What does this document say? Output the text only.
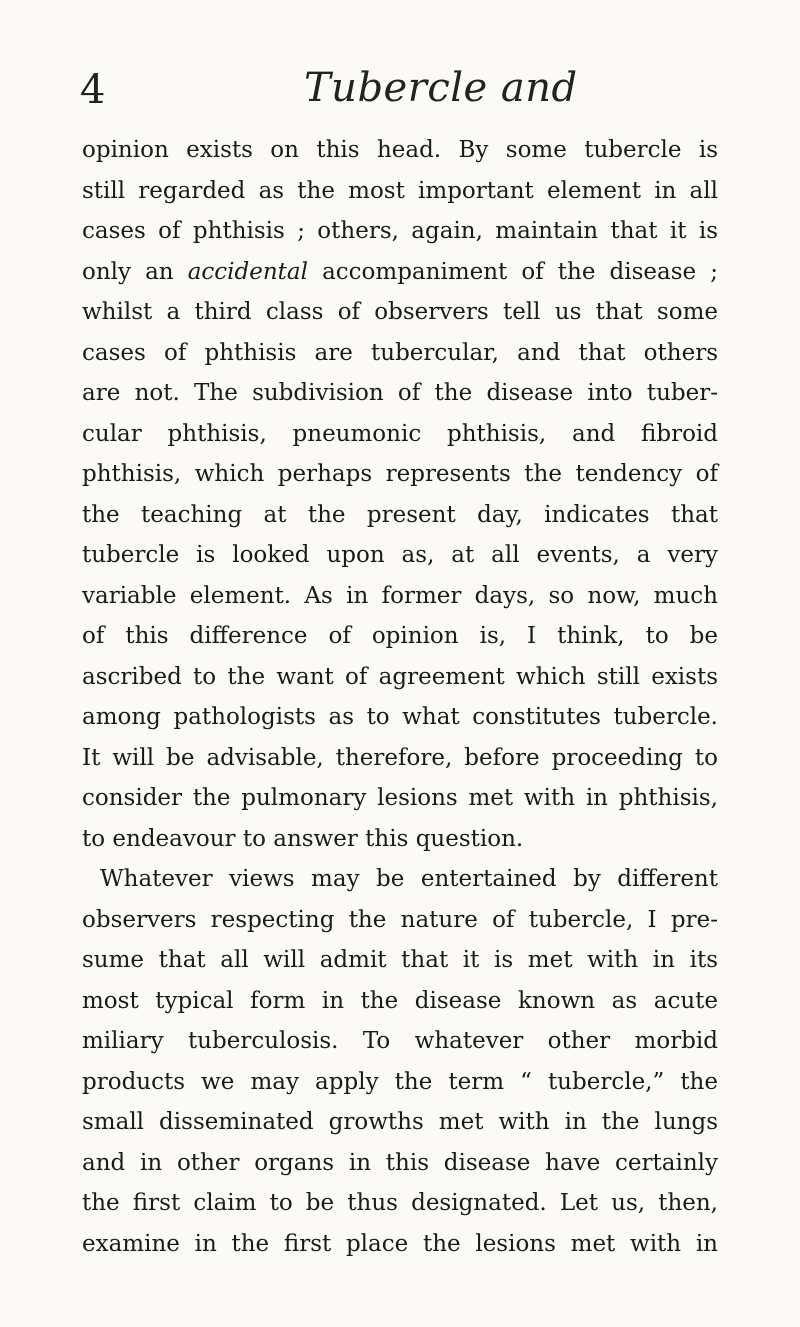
4	Tubercle and
opinion exists on this head. By some tubercle is
still regarded as the most important element in all
cases of phthisis ; others, again, maintain that it is
only an accidental accompaniment of the disease ;
whilst a third class of observers tell us that some
cases of phthisis are tubercular, and that others
are not. The subdivision of the disease into tuber-
cular phthisis, pneumonic phthisis, and fibroid
phthisis, which perhaps represents the tendency of
the teaching at the present day, indicates that
tubercle is looked upon as, at all events, a very
variable element. As in former days, so now, much
of this difference of opinion is, I think, to be
ascribed to the want of agreement which still exists
among pathologists as to what constitutes tubercle.
It will be advisable, therefore, before proceeding to
consider the pulmonary lesions met with in phthisis,
to endeavour to answer this question.
Whatever views may be entertained by different
observers respecting the nature of tubercle, I pre-
sume that all will admit that it is met with in its
most typical form in the disease known as acute
miliary tuberculosis. To whatever other morbid
products we may apply the term “ tubercle,” the
small disseminated growths met with in the lungs
and in other organs in this disease have certainly
the first claim to be thus designated. Let us, then,
examine in the first place the lesions met with in
